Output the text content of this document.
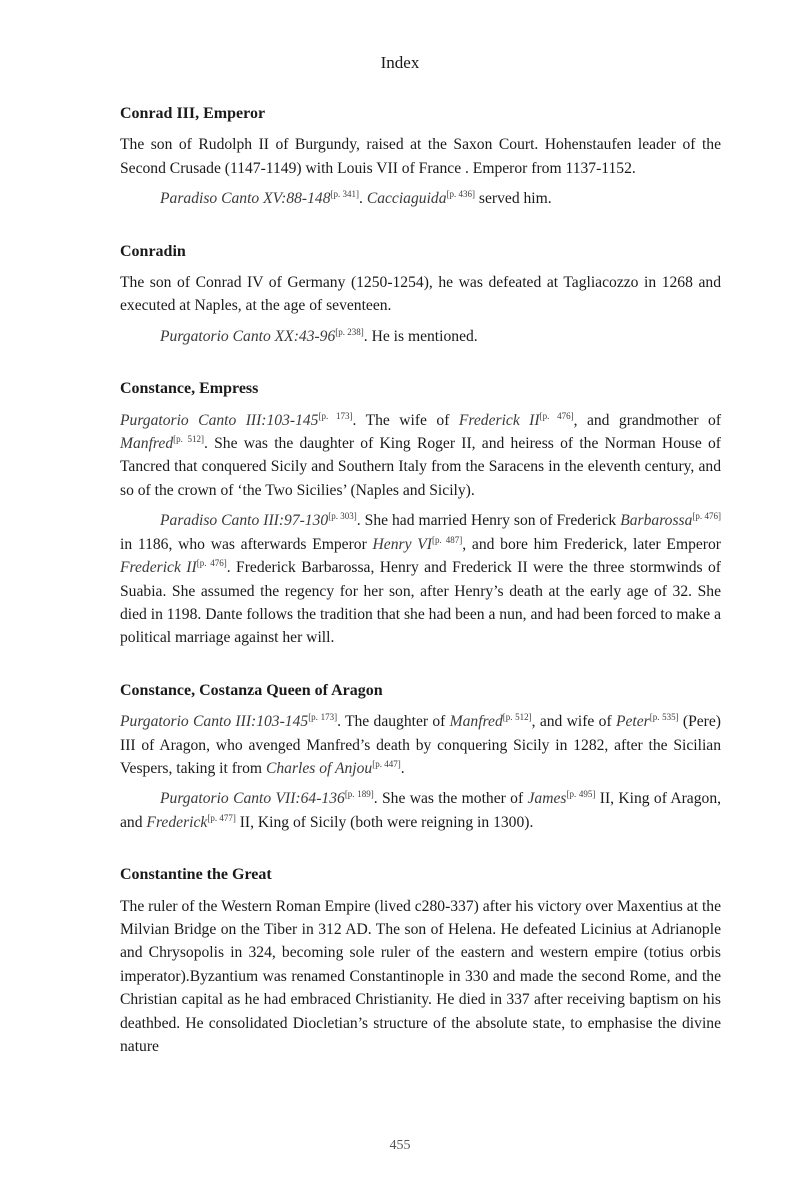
Index
Conrad III, Emperor

The son of Rudolph II of Burgundy, raised at the Saxon Court. Hohenstaufen leader of the Second Crusade (1147-1149) with Louis VII of France . Emperor from 1137-1152.

Paradiso Canto XV:88-148[p. 341]. Cacciaguida[p. 436] served him.

Conradin

The son of Conrad IV of Germany (1250-1254), he was defeated at Tagliacozzo in 1268 and executed at Naples, at the age of seventeen.

Purgatorio Canto XX:43-96[p. 238]. He is mentioned.

Constance, Empress

Purgatorio Canto III:103-145[p. 173]. The wife of Frederick II[p. 476], and grandmother of Manfred[p. 512]. She was the daughter of King Roger II, and heiress of the Norman House of Tancred that conquered Sicily and Southern Italy from the Saracens in the eleventh century, and so of the crown of ‘the Two Sicilies’ (Naples and Sicily).

Paradiso Canto III:97-130[p. 303]. She had married Henry son of Frederick Barbarossa[p. 476] in 1186, who was afterwards Emperor Henry VI[p. 487], and bore him Frederick, later Emperor Frederick II[p. 476]. Frederick Barbarossa, Henry and Frederick II were the three stormwinds of Suabia. She assumed the regency for her son, after Henry’s death at the early age of 32. She died in 1198. Dante follows the tradition that she had been a nun, and had been forced to make a political marriage against her will.

Constance, Costanza Queen of Aragon

Purgatorio Canto III:103-145[p. 173]. The daughter of Manfred[p. 512], and wife of Peter[p. 535] (Pere) III of Aragon, who avenged Manfred’s death by conquering Sicily in 1282, after the Sicilian Vespers, taking it from Charles of Anjou[p. 447].

Purgatorio Canto VII:64-136[p. 189]. She was the mother of James[p. 495] II, King of Aragon, and Frederick[p. 477] II, King of Sicily (both were reigning in 1300).

Constantine the Great

The ruler of the Western Roman Empire (lived c280-337) after his victory over Maxentius at the Milvian Bridge on the Tiber in 312 AD. The son of Helena. He defeated Licinius at Adrianople and Chrysopolis in 324, becoming sole ruler of the eastern and western empire (totius orbis imperator).Byzantium was renamed Constantinople in 330 and made the second Rome, and the Christian capital as he had embraced Christianity. He died in 337 after receiving baptism on his deathbed. He consolidated Diocletian’s structure of the absolute state, to emphasise the divine nature

455
